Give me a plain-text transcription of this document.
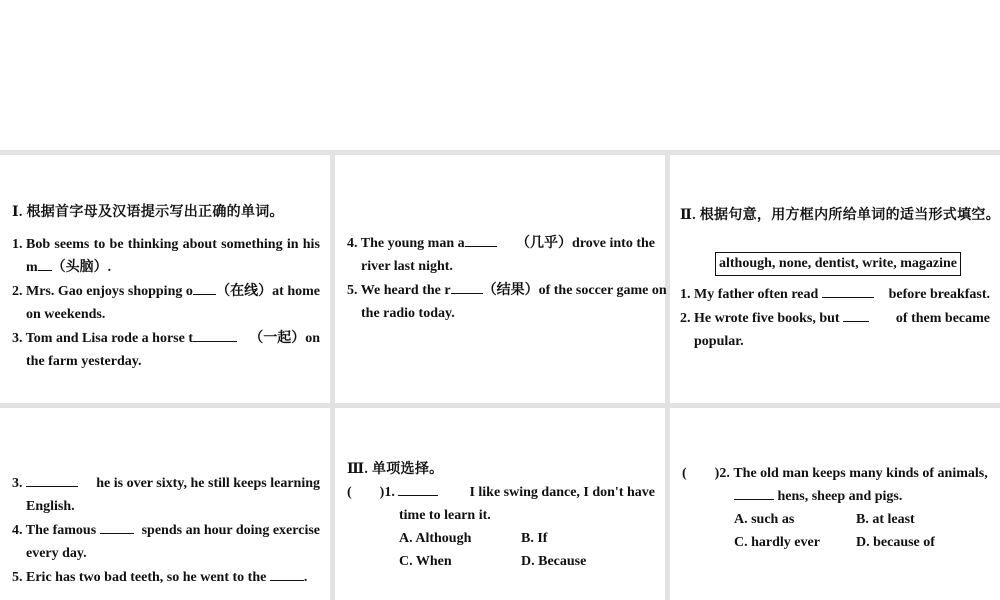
Ⅰ. 根据首字母及汉语提示写出正确的单词。
1. Bob seems to be thinking about something in his
m （头脑）.
2. Mrs. Gao enjoys shopping o （在线）at home
on weekends.
3. Tom and Lisa rode a horse t	（一起）on
the farm yesterday.
4. The young man a	（几乎）drove into the
river last night.
5. We heard the r	（结果）of the soccer game on
the radio today.
Ⅱ. 根据句意，用方框内所给单词的适当形式填空。
although, none, dentist, write, magazine
1. My father often read	before breakfast.
2. He wrote five books, but	of them became
popular.
3.	he is over sixty, he still keeps learning
English.
4. The famous	spends an hour doing exercise
every day.
5. Eric has two bad teeth, so he went to the
	.
Ⅲ. 单项选择。
(　　)1.	I like swing dance, I don't have
time to learn it.
A. Although	B. If
C. When	D. Because
(　　)2.
The old man keeps many kinds of animals,
hens, sheep and pigs.
A. such as	B. at least
C. hardly ever	D. because of
